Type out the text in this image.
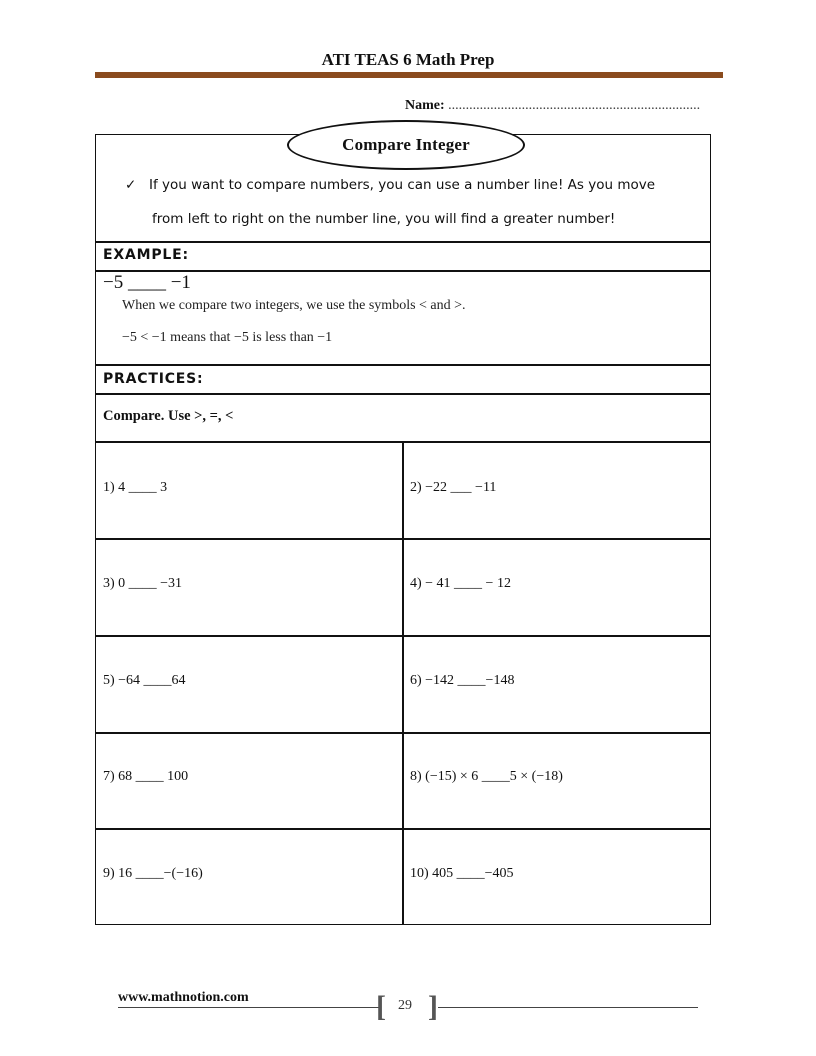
ATI TEAS 6 Math Prep
Name: ........................................................................
Compare Integer
✓ If you want to compare numbers, you can use a number line! As you move
from left to right on the number line, you will find a greater number!
EXAMPLE:
−5 ____ −1
When we compare two integers, we use the symbols < and >.
−5 < −1 means that −5 is less than −1
PRACTICES:
Compare. Use >, =, <
1) 4 ____ 3	2) −22 ___ −11
3) 0 ____ −31	4) − 41 ____ − 12
5) −64 ____64	6) −142 ____−148
7) 68 ____ 100	8) (−15) × 6 ____5 × (−18)
9) 16 ____−(−16)	10) 405 ____−405
www.mathnotion.com	[ ]
29
